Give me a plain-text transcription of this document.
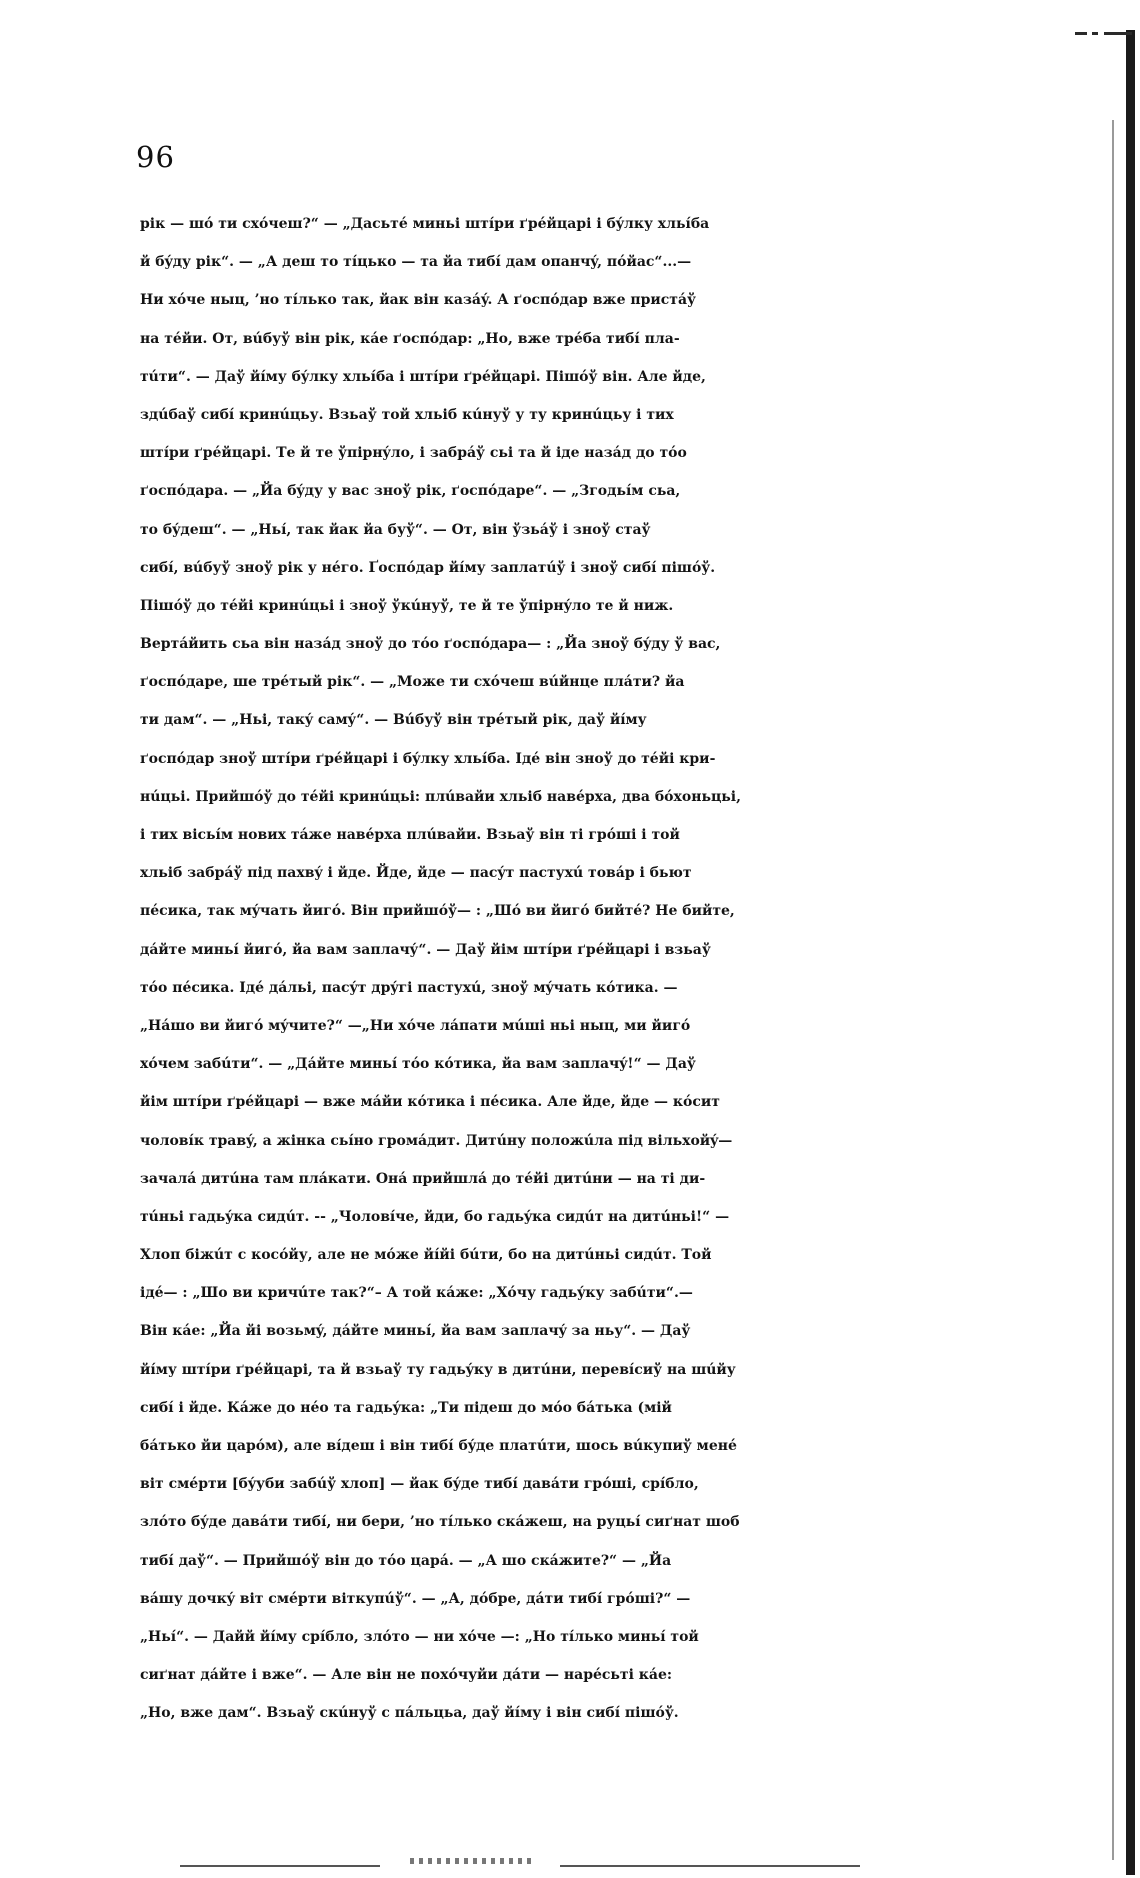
96
рік — шó ти схóчеш?“ — „Дасьтé миньі штíри ґрéйцарі і бýлку хльíба
й бýду рік“. — „А деш то тíцько — та йа тибí дам опанчý, пóйас“...—
Ни хóче ныц, ’но тíлько так, йак він казáý. А ґоспóдар вже пристáў
на тéйи. От, вúбуў він рік, кáе ґоспóдар: „Но, вже трéба тибí пла-
тúти“. — Даў йíму бýлку хльíба і штíри ґрéйцарі. Пішóў він. Але йде,
здúбаў сибí кринúцьу. Взьаў той хльіб кúнуў у ту кринúцьу і тих
штíри ґрéйцарі. Те й те ўпірнýло, і забрáў сьі та й іде назáд до тóо
ґоспóдара. — „Йа бýду у вас зноў рік, ґоспóдаре“. — „Згодьíм сьа,
то бýдеш“. — „Ньí, так йак йа буў“. — От, він ўзьáў і зноў стаў
сибí, вúбуў зноў рік у нéго. Ґоспóдар йíму заплатúў і зноў сибí пішóў.
Пішóў до тéйі кринúцьі і зноў ўкúнуў, те й те ўпірнýло те й ниж.
Вертáйить сьа він назáд зноў до тóо ґоспóдара— : „Йа зноў бýду ў вас,
ґоспóдаре, ше трéтый рік“. — „Може ти схóчеш вúйнце плáти? йа
ти дам“. — „Ньі, такý самý“. — Вúбуў він трéтый рік, даў йíму
ґоспóдар зноў штíри ґрéйцарі і бýлку хльíба. Ідé він зноў до тéйі кри-
нúцьі. Прийшóў до тéйі кринúцьі: плúвайи хльіб навéрха, два бóхоньцьі,
і тих вісьíм нових тáже навéрха плúвайи. Взьаў він ті грóші і той
хльіб забрáў під пахвý і йде. Йде, йде — пасýт пастухú товáр і бьют
пéсика, так мýчать йигó. Він прийшóў— : „Шó ви йигó бийтé? Не бийте,
дáйте миньí йигó, йа вам заплачý“. — Даў йім штíри ґрéйцарі і взьаў
тóо пéсика. Ідé дáльі, пасýт дрýгі пастухú, зноў мýчать кóтика. —
„Нáшо ви йигó мýчите?“ —„Ни хóче лáпати мúші ньі ныц, ми йигó
хóчем забúти“. — „Дáйте миньí тóо кóтика, йа вам заплачý!“ — Даў
йім штíри ґрéйцарі — вже мáйи кóтика і пéсика. Але йде, йде — кóсит
чоловíк травý, а жінка сьíно громáдит. Дитúну положúла під вільхойý—
зачалá дитúна там плáкати. Онá прийшлá до тéйі дитúни — на ті ди-
тúньі гадьýка сидúт. -- „Чоловíче, йди, бо гадьýка сидúт на дитúньі!“ —
Хлоп біжúт с косóйу, але не мóже йíйі бúти, бо на дитúньі сидúт. Той
ідé— : „Шо ви кричúте так?“– А той кáже: „Хóчу гадьýку забúти“.—
Він кáе: „Йа йі возьмý, дáйте миньí, йа вам заплачý за ньу“. — Даў
йíму штíри ґрéйцарі, та й взьаў ту гадьýку в дитúни, перевíсиў на шúйу
сибí і йде. Кáже до нéо та гадьýка: „Ти підеш до мóо бáтька (мій
бáтько йи царóм), але вíдеш і він тибí бýде платúти, шось вúкупиў менé
віт смéрти [бýуби забúў хлоп] — йак бýде тибí давáти грóші, срíбло,
злóто бýде давáти тибí, ни бери, ’но тíлько скáжеш, на руцьí сиґнат шоб
тибí даў“. — Прийшóў він до тóо царá. — „А шо скáжите?“ — „Йа
вáшу дочкý віт смéрти віткупúў“. — „А, дóбре, дáти тибí грóші?“ —
„Ньí“. — Дайй йíму срíбло, злóто — ни хóче —: „Но тíлько миньí той
сиґнат дáйте і вже“. — Але він не похóчуйи дáти — нарéсьті кáе:
„Но, вже дам“. Взьаў скúнуў с пáльцьа, даў йíму і він сибí пішóў.
